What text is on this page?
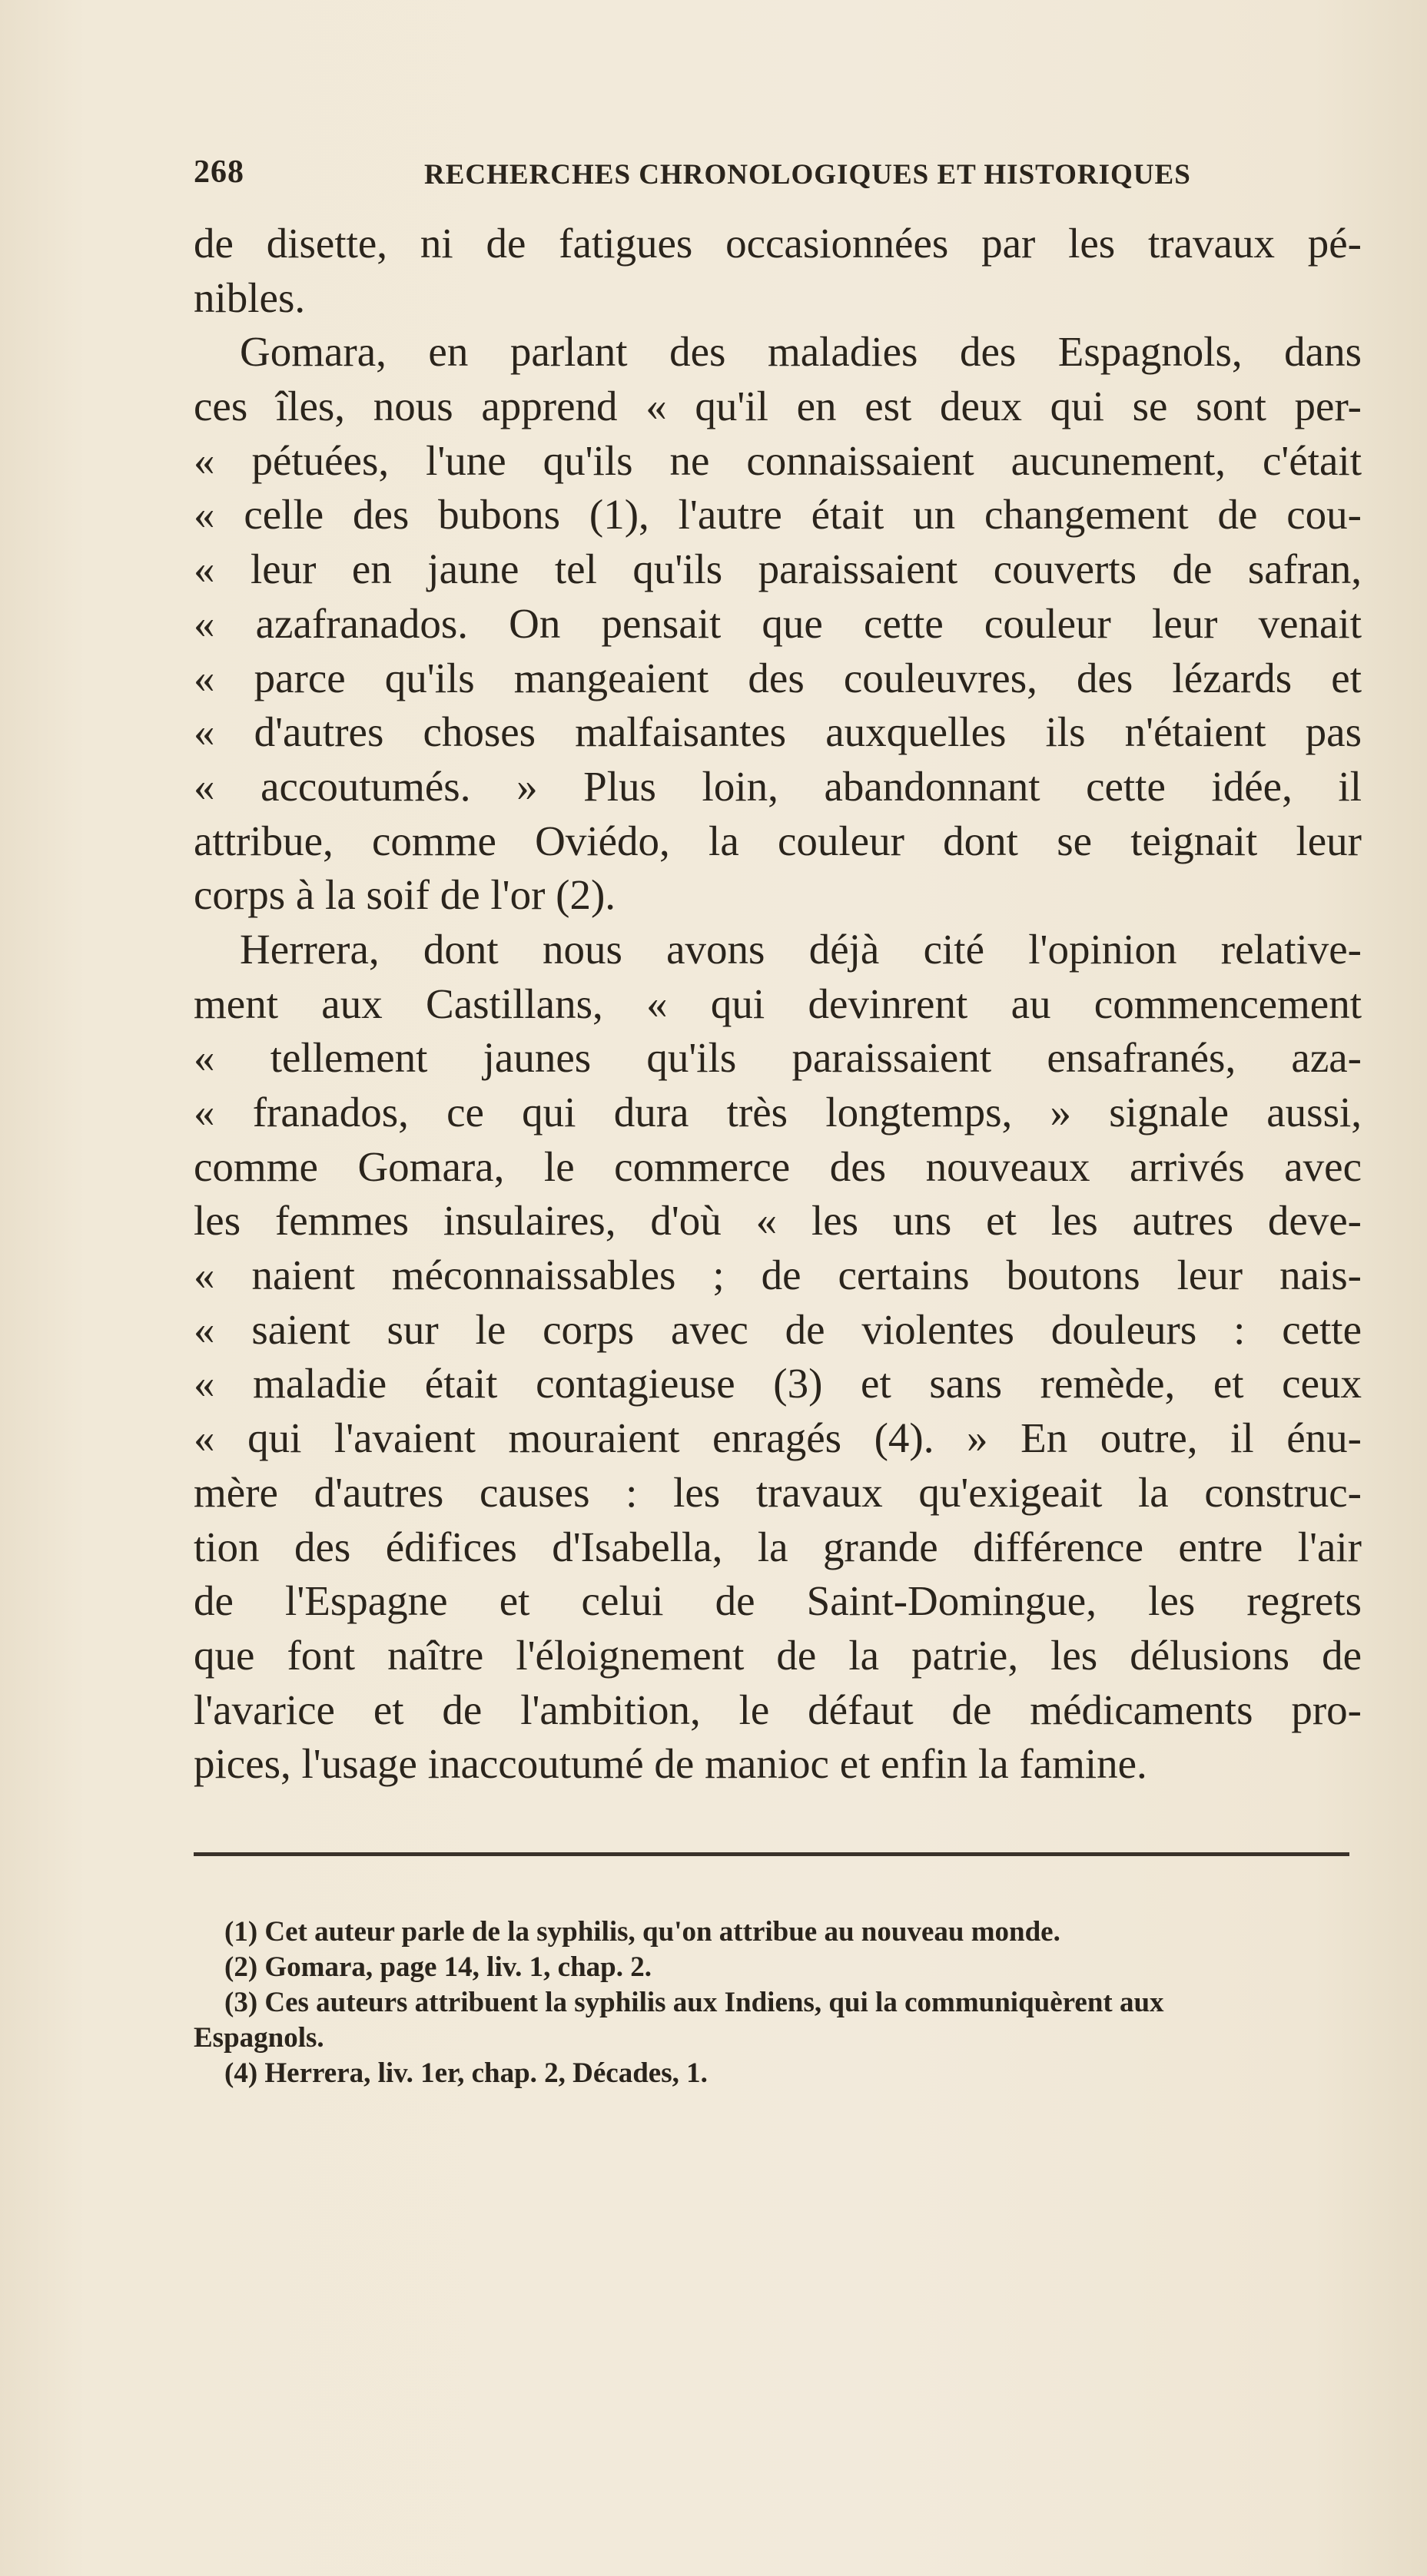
268	RECHERCHES CHRONOLOGIQUES ET HISTORIQUES
de disette, ni de fatigues occasionnées par les travaux pé-
nibles.
Gomara, en parlant des maladies des Espagnols, dans
ces îles, nous apprend « qu'il en est deux qui se sont per-
« pétuées, l'une qu'ils ne connaissaient aucunement, c'était
« celle des bubons (1), l'autre était un changement de cou-
« leur en jaune tel qu'ils paraissaient couverts de safran,
« azafranados. On pensait que cette couleur leur venait
« parce qu'ils mangeaient des couleuvres, des lézards et
« d'autres choses malfaisantes auxquelles ils n'étaient pas
« accoutumés. » Plus loin, abandonnant cette idée, il
attribue, comme Oviédo, la couleur dont se teignait leur
corps à la soif de l'or (2).
Herrera, dont nous avons déjà cité l'opinion relative-
ment aux Castillans, « qui devinrent au commencement
« tellement jaunes qu'ils paraissaient ensafranés, aza-
« franados, ce qui dura très longtemps, » signale aussi,
comme Gomara, le commerce des nouveaux arrivés avec
les femmes insulaires, d'où « les uns et les autres deve-
« naient méconnaissables ; de certains boutons leur nais-
« saient sur le corps avec de violentes douleurs : cette
« maladie était contagieuse (3) et sans remède, et ceux
« qui l'avaient mouraient enragés (4). » En outre, il énu-
mère d'autres causes : les travaux qu'exigeait la construc-
tion des édifices d'Isabella, la grande différence entre l'air
de l'Espagne et celui de Saint-Domingue, les regrets
que font naître l'éloignement de la patrie, les délusions de
l'avarice et de l'ambition, le défaut de médicaments pro-
pices, l'usage inaccoutumé de manioc et enfin la famine.
(1) Cet auteur parle de la syphilis, qu'on attribue au nouveau monde.
(2) Gomara, page 14, liv. 1, chap. 2.
(3) Ces auteurs attribuent la syphilis aux Indiens, qui la communiquèrent aux
Espagnols.
(4) Herrera, liv. 1er, chap. 2, Décades, 1.
